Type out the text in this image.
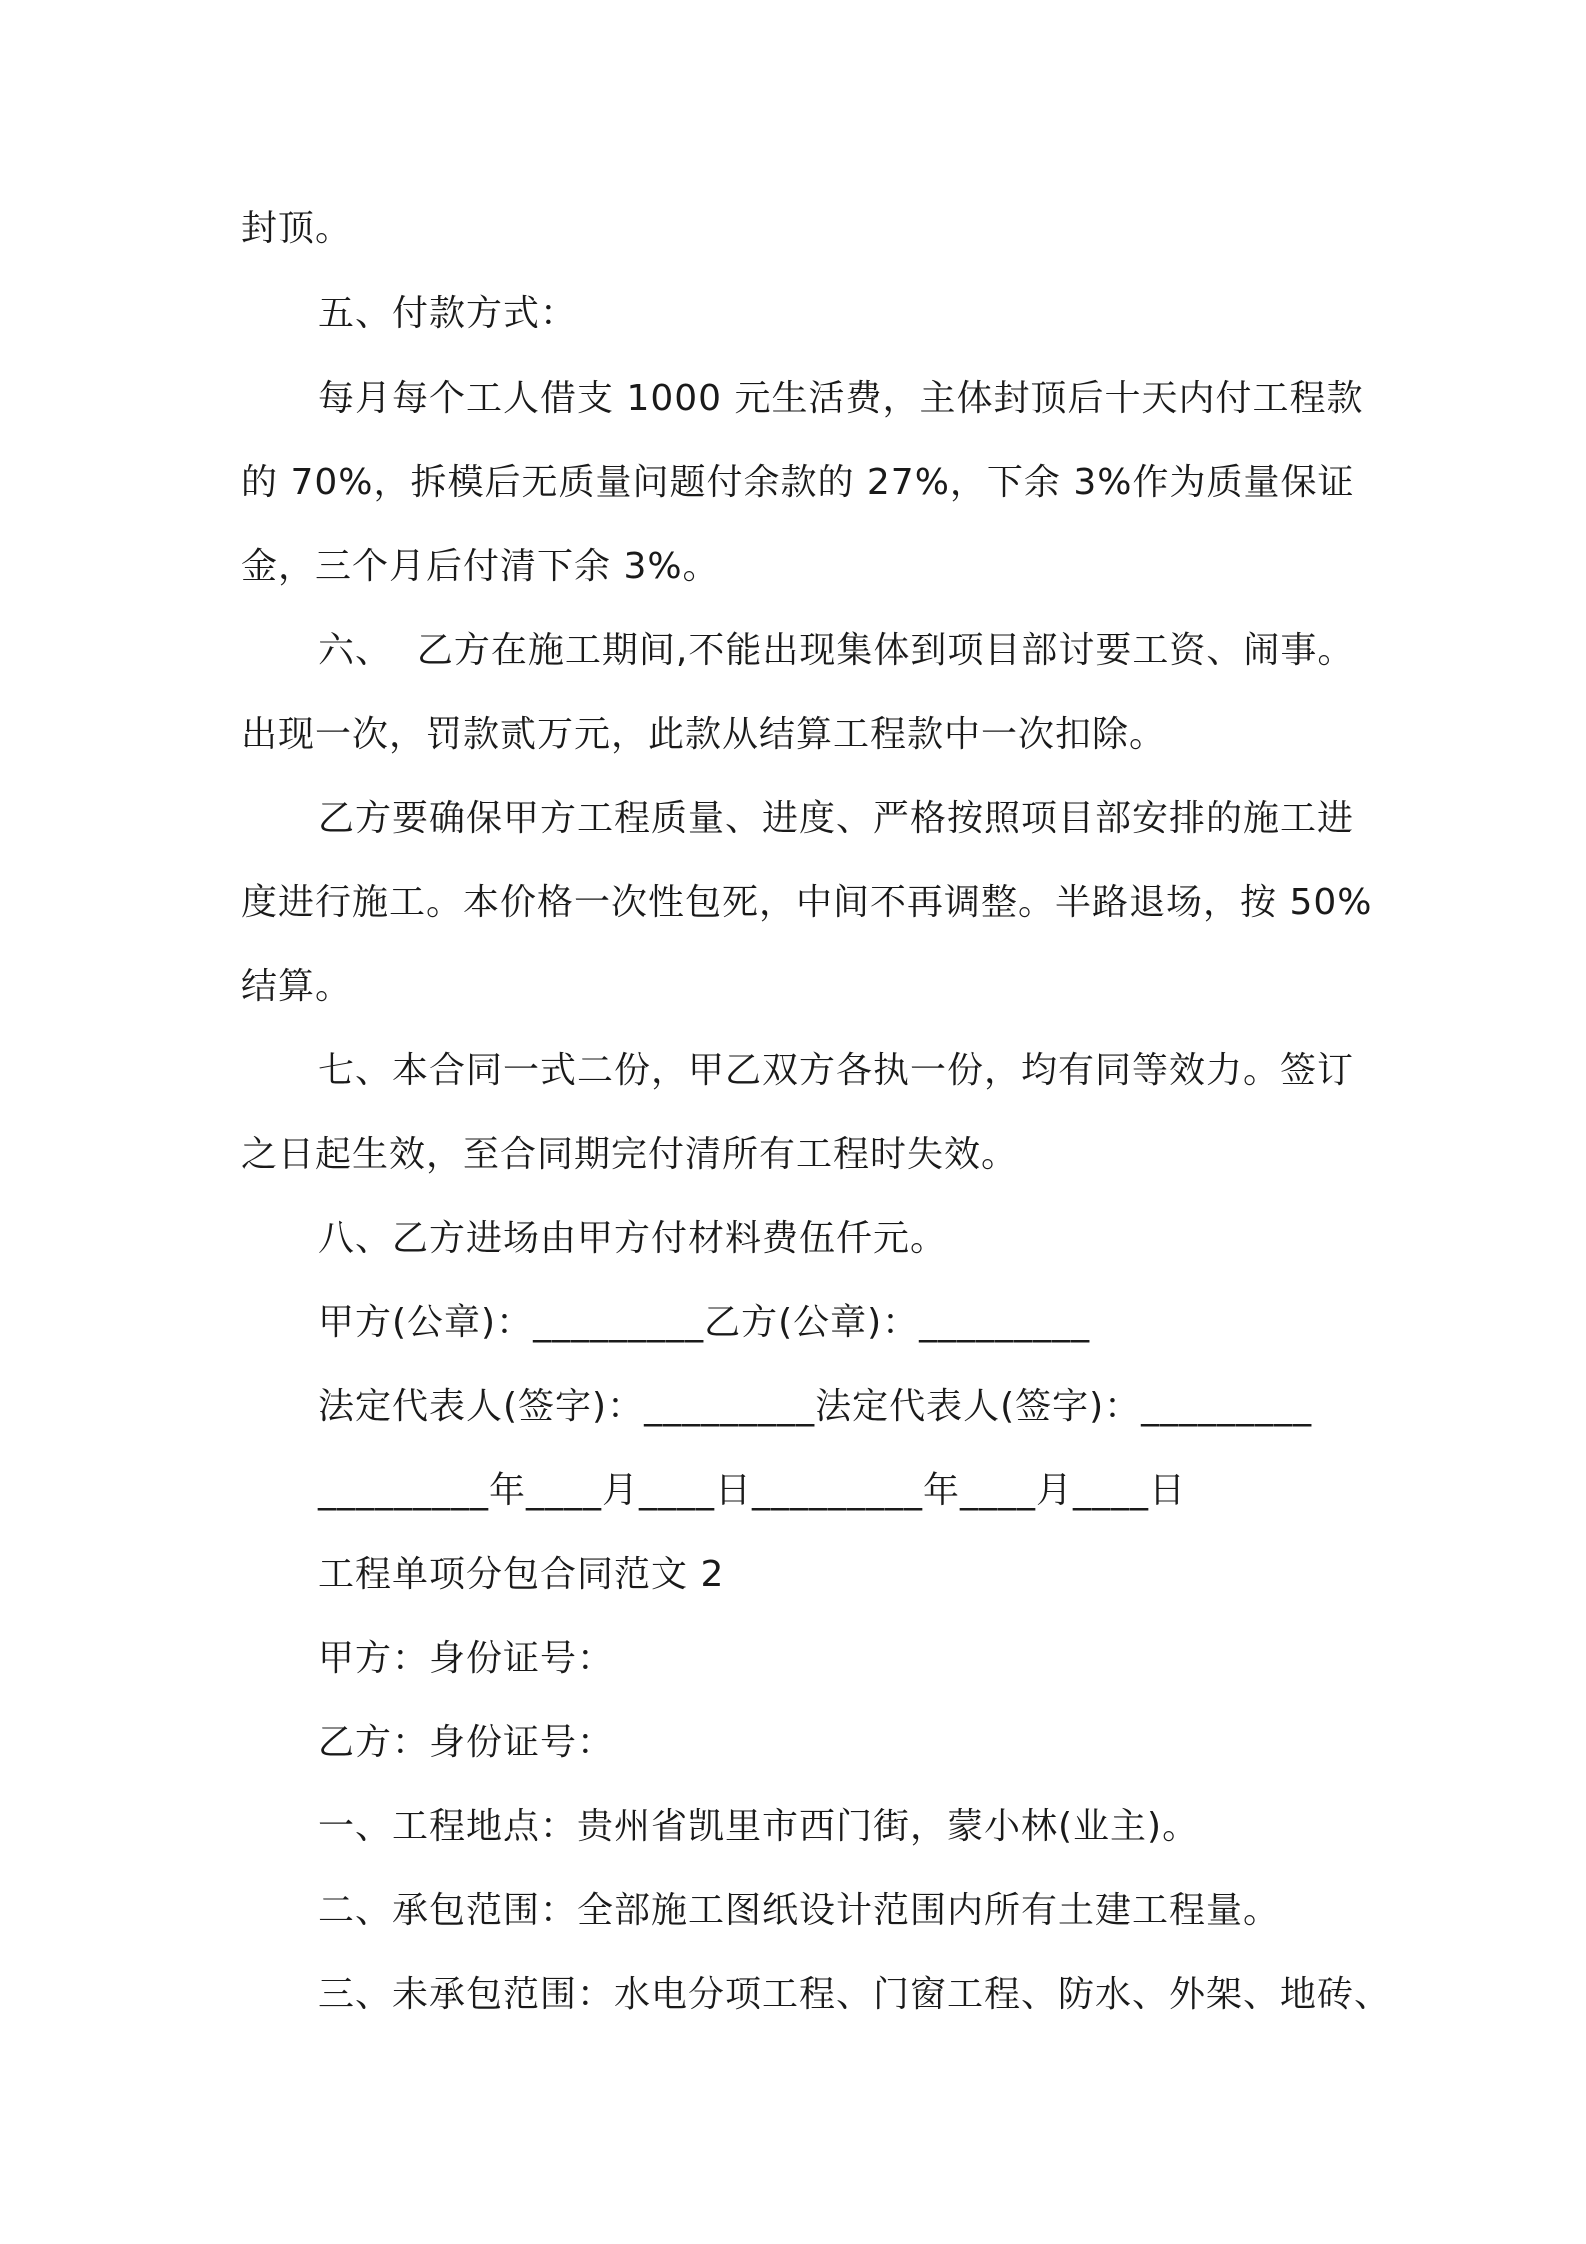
封顶。
五、付款方式：
每月每个工人借支 1000 元生活费，主体封顶后十天内付工程款
的 70%，拆模后无质量问题付余款的 27%，下余 3%作为质量保证
金，三个月后付清下余 3%。
六、  乙方在施工期间,不能出现集体到项目部讨要工资、闹事。
出现一次，罚款贰万元，此款从结算工程款中一次扣除。
乙方要确保甲方工程质量、进度、严格按照项目部安排的施工进
度进行施工。本价格一次性包死，中间不再调整。半路退场，按 50%
结算。
七、本合同一式二份，甲乙双方各执一份，均有同等效力。签订
之日起生效，至合同期完付清所有工程时失效。
八、乙方进场由甲方付材料费伍仟元。
甲方(公章)：_________乙方(公章)：_________
法定代表人(签字)：_________法定代表人(签字)：_________
_________年____月____日_________年____月____日
工程单项分包合同范文 2
甲方：身份证号：
乙方：身份证号：
一、工程地点：贵州省凯里市西门街，蒙小林(业主)。
二、承包范围：全部施工图纸设计范围内所有土建工程量。
三、未承包范围：水电分项工程、门窗工程、防水、外架、地砖、
